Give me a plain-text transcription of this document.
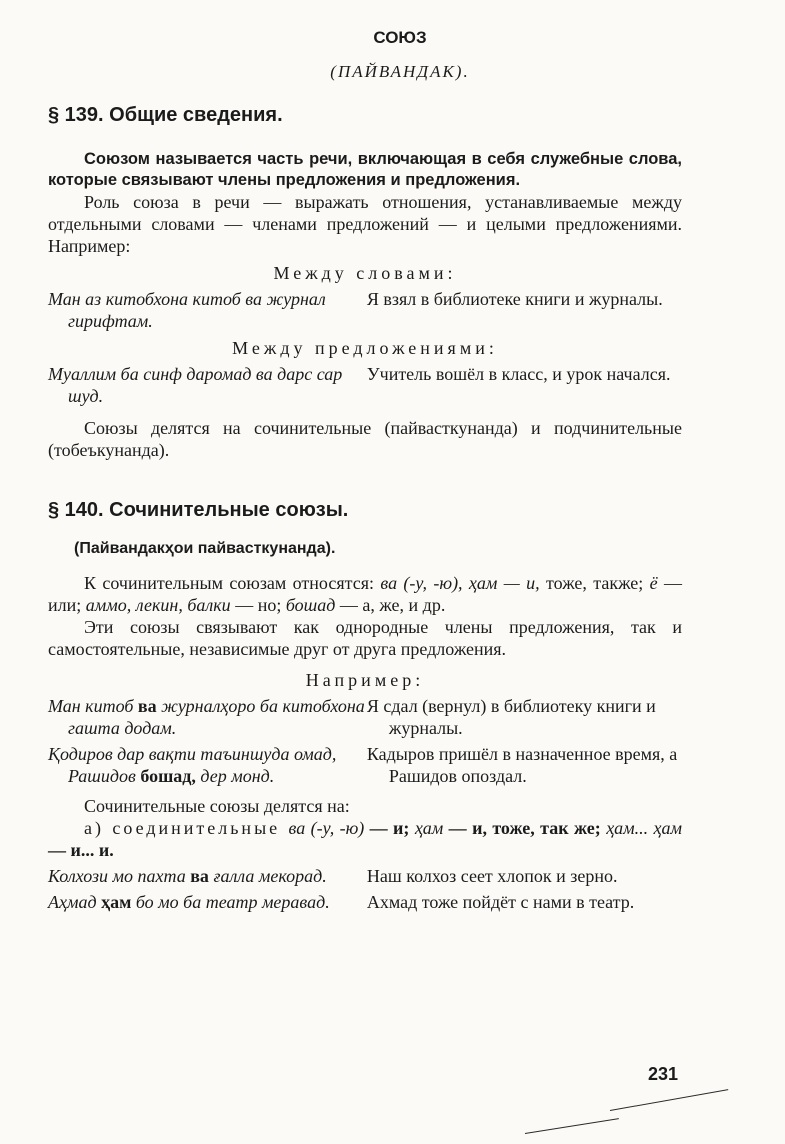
СОЮЗ
(ПАЙВАНДАК).
§ 139. Общие сведения.
Союзом называется часть речи, включающая в себя служебные слова, которые связывают члены предложения и предложения.
Роль союза в речи — выражать отношения, устанавливаемые между отдельными словами — членами предложений — и целыми предложениями. Например:
Между словами:
Ман аз китобхона китоб ва журнал гирифтам.
Я взял в библиотеке книги и журналы.
Между предложениями:
Муаллим ба синф даромад ва дарс сар шуд.
Учитель вошёл в класс, и урок начался.
Союзы делятся на сочинительные (пайвасткунанда) и подчинительные (тобеъкунанда).
§ 140. Сочинительные союзы.
(Пайвандакҳои пайвасткунанда).
К сочинительным союзам относятся: ва (-у, -ю), ҳам — и, тоже, также; ё — или; аммо, лекин, балки — но; бошад — а, же, и др.
Эти союзы связывают как однородные члены предложения, так и самостоятельные, независимые друг от друга предложения.
Например:
Ман китоб ва журналҳоро ба китобхона гашта додам.
Я сдал (вернул) в библиотеку книги и журналы.
Қодиров дар вақти таъиншуда омад, Рашидов бошад, дер монд.
Кадыров пришёл в назначенное время, а Рашидов опоздал.
Сочинительные союзы делятся на:
а) соединительные ва (-у, -ю) — и; ҳам — и, тоже, так же; ҳам... ҳам — и... и.
Колхози мо пахта ва ғалла мекорад.	Наш колхоз сеет хлопок и зерно.
Аҳмад ҳам бо мо ба театр меравад.	Ахмад тоже пойдёт с нами в театр.
231
